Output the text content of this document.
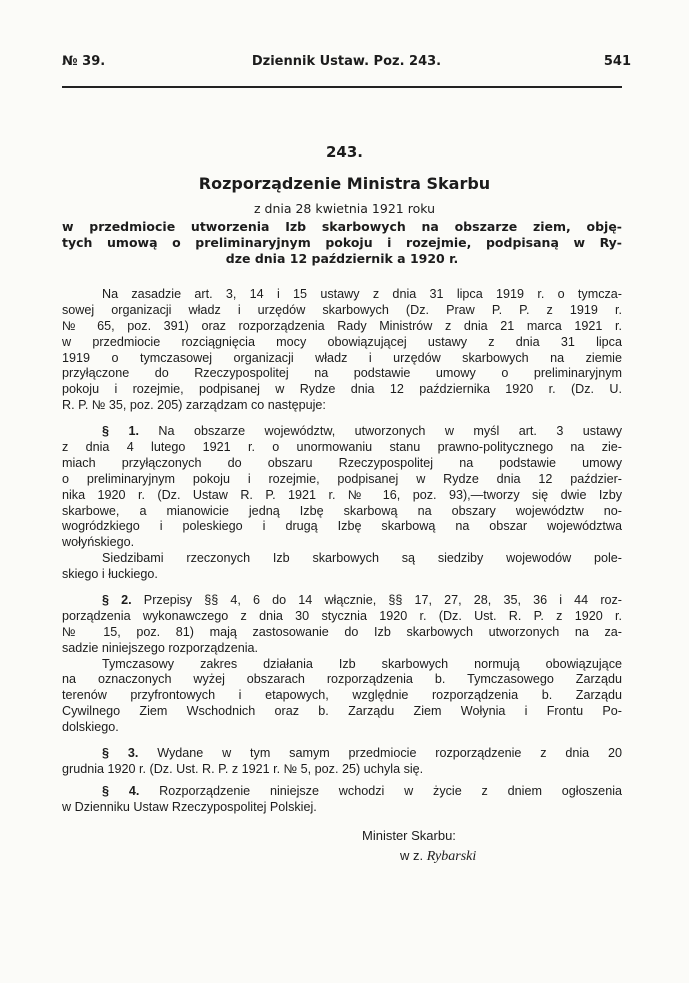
№ 39.	Dziennik Ustaw. Poz. 243.	541
243.
Rozporządzenie Ministra Skarbu
z dnia 28 kwietnia 1921 roku
w przedmiocie utworzenia Izb skarbowych na obszarze ziem, obję-
tych umową o preliminaryjnym pokoju i rozejmie, podpisaną w Ry-
dze dnia 12 październik a 1920 r.
Na zasadzie art. 3, 14 i 15 ustawy z dnia 31 lipca 1919 r. o tymcza-
sowej organizacji władz i urzędów skarbowych (Dz. Praw P. P. z 1919 r.
№ 65, poz. 391) oraz rozporządzenia Rady Ministrów z dnia 21 marca 1921 r.
w przedmiocie rozciągnięcia mocy obowiązującej ustawy z dnia 31 lipca
1919 o tymczasowej organizacji władz i urzędów skarbowych na ziemie
przyłączone do Rzeczypospolitej na podstawie umowy o preliminaryjnym
pokoju i rozejmie, podpisanej w Rydze dnia 12 października 1920 r. (Dz. U.
R. P. № 35, poz. 205) zarządzam co następuje:
§ 1. Na obszarze województw, utworzonych w myśl art. 3 ustawy
z dnia 4 lutego 1921 r. o unormowaniu stanu prawno-politycznego na zie-
miach przyłączonych do obszaru Rzeczypospolitej na podstawie umowy
o preliminaryjnym pokoju i rozejmie, podpisanej w Rydze dnia 12 paździer-
nika 1920 r. (Dz. Ustaw R. P. 1921 r. № 16, poz. 93),—tworzy się dwie Izby
skarbowe, a mianowicie jedną Izbę skarbową na obszary województw no-
wogródzkiego i poleskiego i drugą Izbę skarbową na obszar województwa
wołyńskiego.
Siedzibami rzeczonych Izb skarbowych są siedziby wojewodów pole-
skiego i łuckiego.
§ 2. Przepisy §§ 4, 6 do 14 włącznie, §§ 17, 27, 28, 35, 36 i 44 roz-
porządzenia wykonawczego z dnia 30 stycznia 1920 r. (Dz. Ust. R. P. z 1920 r.
№ 15, poz. 81) mają zastosowanie do Izb skarbowych utworzonych na za-
sadzie niniejszego rozporządzenia.
Tymczasowy zakres działania Izb skarbowych normują obowiązujące
na oznaczonych wyżej obszarach rozporządzenia b. Tymczasowego Zarządu
terenów przyfrontowych i etapowych, względnie rozporządzenia b. Zarządu
Cywilnego Ziem Wschodnich oraz b. Zarządu Ziem Wołynia i Frontu Po-
dolskiego.
§ 3. Wydane w tym samym przedmiocie rozporządzenie z dnia 20
grudnia 1920 r. (Dz. Ust. R. P. z 1921 r. № 5, poz. 25) uchyla się.
§ 4. Rozporządzenie niniejsze wchodzi w życie z dniem ogłoszenia
w Dzienniku Ustaw Rzeczypospolitej Polskiej.
Minister Skarbu:
w z. Rybarski
